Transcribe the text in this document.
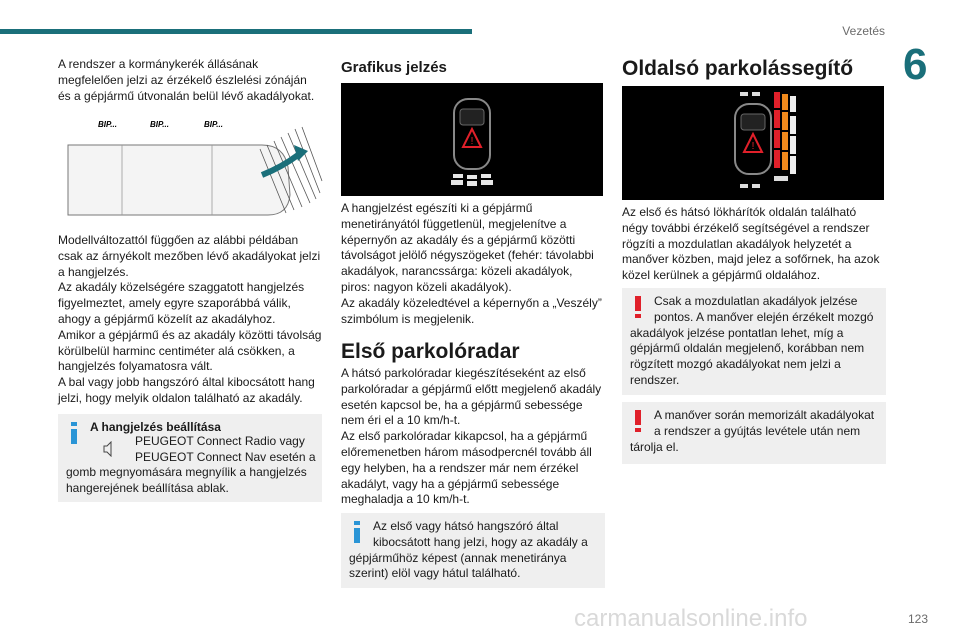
Vezetés
6

A rendszer a kormánykerék állásának megfelelően jelzi az érzékelő észlelési zónáján és a gépjármű útvonalán belül lévő akadályokat.

BIP...	BIP...	BIP...

Modellváltozattól függően az alábbi példában csak az árnyékolt mezőben lévő akadályokat jelzi a hangjelzés.

Az akadály közelségére szaggatott hangjelzés figyelmeztet, amely egyre szaporábbá válik, ahogy a gépjármű közelít az akadályhoz.

Amikor a gépjármű és az akadály közötti távolság körülbelül harminc centiméter alá csökken, a hangjelzés folyamatosra vált.

A bal vagy jobb hangszóró által kibocsátott hang jelzi, hogy melyik oldalon található az akadály.

A hangjelzés beállítása
PEUGEOT Connect Radio vagy
PEUGEOT Connect Nav esetén a
gomb megnyomására megnyílik a hangjelzés hangerejének beállítása ablak.
Grafikus jelzés
!

A hangjelzést egészíti ki a gépjármű menetirányától függetlenül, megjelenítve a képernyőn az akadály és a gépjármű közötti távolságot jelölő négyszögeket (fehér: távolabbi akadályok, narancssárga: közeli akadályok, piros: nagyon közeli akadályok).

Az akadály közeledtével a képernyőn a „Veszély” szimbólum is megjelenik.

Első parkolóradar

A hátsó parkolóradar kiegészítéseként az első parkolóradar a gépjármű előtt megjelenő akadály esetén kapcsol be, ha a gépjármű sebessége nem éri el a 10 km/h-t.

Az első parkolóradar kikapcsol, ha a gépjármű előremenetben három másodpercnél tovább áll egy helyben, ha a rendszer már nem érzékel akadályt, vagy ha a gépjármű sebessége meghaladja a 10 km/h-t.

Az első vagy hátsó hangszóró által
kibocsátott hang jelzi, hogy az akadály a gépjárműhöz képest (annak menetiránya szerint) elöl vagy hátul található.
Oldalsó parkolássegítő
!

Az első és hátsó lökhárítók oldalán található négy további érzékelő segítségével a rendszer rögzíti a mozdulatlan akadályok helyzetét a manőver közben, majd jelez a sofőrnek, ha azok közel kerülnek a gépjármű oldalához.

Csak a mozdulatlan akadályok jelzése
pontos. A manőver elején érzékelt mozgó akadályok jelzése pontatlan lehet, míg a gépjármű oldalán megjelenő, korábban nem rögzített mozgó akadályokat nem jelzi a rendszer.
A manőver során memorizált akadályokat
a rendszer a gyújtás levétele után nem tárolja el.
carmanualsonline.info	123
